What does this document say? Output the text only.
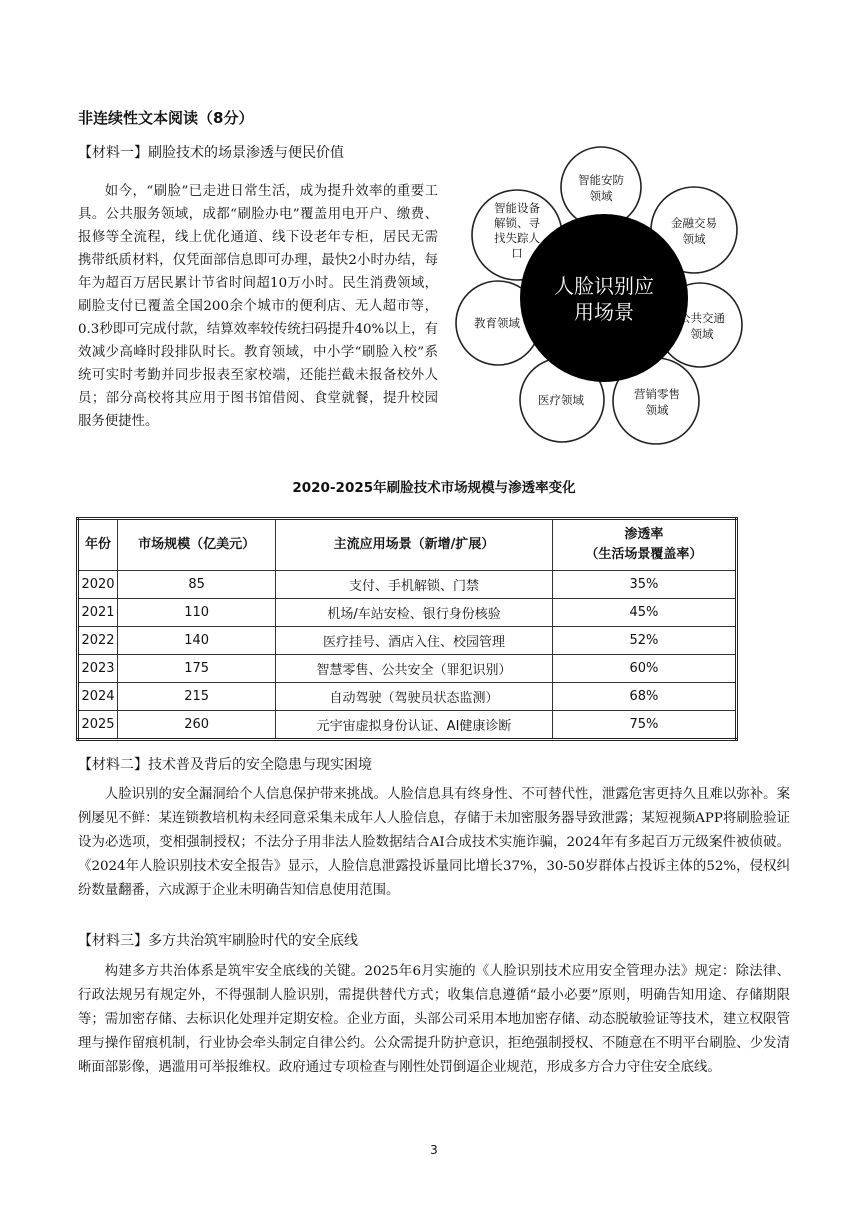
非连续性文本阅读（8分）
【材料一】刷脸技术的场景渗透与便民价值
如今，“刷脸”已走进日常生活，成为提升效率的重要工具。公共服务领域，成都“刷脸办电”覆盖用电开户、缴费、报修等全流程，线上优化通道、线下设老年专柜，居民无需携带纸质材料，仅凭面部信息即可办理，最快2小时办结，每年为超百万居民累计节省时间超10万小时。民生消费领域，刷脸支付已覆盖全国200余个城市的便利店、无人超市等，0.3秒即可完成付款，结算效率较传统扫码提升40%以上，有效减少高峰时段排队时长。教育领域，中小学“刷脸入校”系统可实时考勤并同步报表至家校端，还能拦截未报备校外人员；部分高校将其应用于图书馆借阅、食堂就餐，提升校园服务便捷性。
人脸识别应
用场景
智能安防
领域
金融交易
领域
公共交通
领域
营销零售
领域
医疗领域
教育领域
智能设备
解锁、寻
找失踪人
口
2020-2025年刷脸技术市场规模与渗透率变化
年份	市场规模（亿美元）	主流应用场景（新增/扩展）	渗透率
（生活场景覆盖率）

2020	85	支付、手机解锁、门禁	35%
2021	110	机场/车站安检、银行身份核验	45%
2022	140	医疗挂号、酒店入住、校园管理	52%
2023	175	智慧零售、公共安全（罪犯识别）	60%
2024	215	自动驾驶（驾驶员状态监测）	68%
2025	260	元宇宙虚拟身份认证、AI健康诊断	75%
【材料二】技术普及背后的安全隐患与现实困境
人脸识别的安全漏洞给个人信息保护带来挑战。人脸信息具有终身性、不可替代性，泄露危害更持久且难以弥补。案例屡见不鲜：某连锁教培机构未经同意采集未成年人人脸信息，存储于未加密服务器导致泄露；某短视频APP将刷脸验证设为必选项，变相强制授权；不法分子用非法人脸数据结合AI合成技术实施诈骗，2024年有多起百万元级案件被侦破。《2024年人脸识别技术安全报告》显示，人脸信息泄露投诉量同比增长37%，30-50岁群体占投诉主体的52%，侵权纠纷数量翻番，六成源于企业未明确告知信息使用范围。
【材料三】多方共治筑牢刷脸时代的安全底线
构建多方共治体系是筑牢安全底线的关键。2025年6月实施的《人脸识别技术应用安全管理办法》规定：除法律、行政法规另有规定外，不得强制人脸识别，需提供替代方式；收集信息遵循“最小必要”原则，明确告知用途、存储期限等；需加密存储、去标识化处理并定期安检。企业方面，头部公司采用本地加密存储、动态脱敏验证等技术，建立权限管理与操作留痕机制，行业协会牵头制定自律公约。公众需提升防护意识，拒绝强制授权、不随意在不明平台刷脸、少发清晰面部影像，遇滥用可举报维权。政府通过专项检查与刚性处罚倒逼企业规范，形成多方合力守住安全底线。
3
